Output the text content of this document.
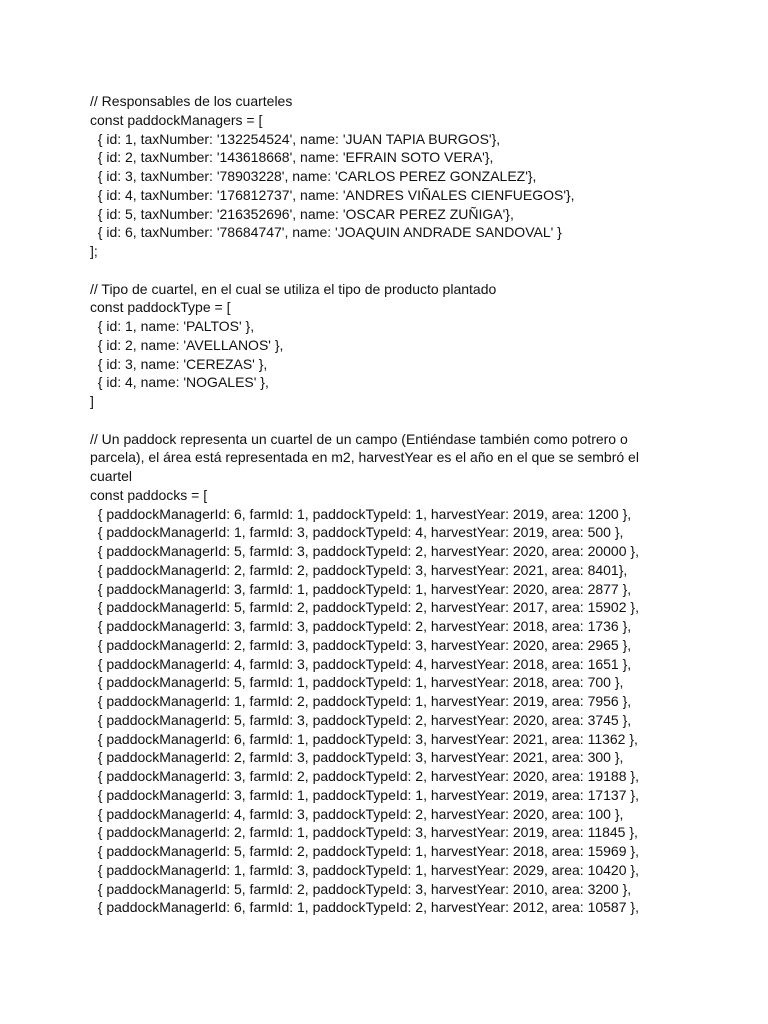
// Responsables de los cuarteles
const paddockManagers = [
{ id: 1, taxNumber: '132254524', name: 'JUAN TAPIA BURGOS'},
{ id: 2, taxNumber: '143618668', name: 'EFRAIN SOTO VERA'},
{ id: 3, taxNumber: '78903228', name: 'CARLOS PEREZ GONZALEZ'},
{ id: 4, taxNumber: '176812737', name: 'ANDRES VIÑALES CIENFUEGOS'},
{ id: 5, taxNumber: '216352696', name: 'OSCAR PEREZ ZUÑIGA'},
{ id: 6, taxNumber: '78684747', name: 'JOAQUIN ANDRADE SANDOVAL' }
];
// Tipo de cuartel, en el cual se utiliza el tipo de producto plantado
const paddockType = [
{ id: 1, name: 'PALTOS' },
{ id: 2, name: 'AVELLANOS' },
{ id: 3, name: 'CEREZAS' },
{ id: 4, name: 'NOGALES' },
]
// Un paddock representa un cuartel de un campo (Entiéndase también como potrero o parcela), el área está representada en m2, harvestYear es el año en el que se sembró el cuartel
const paddocks = [
{ paddockManagerId: 6, farmId: 1, paddockTypeId: 1, harvestYear: 2019, area: 1200 },
{ paddockManagerId: 1, farmId: 3, paddockTypeId: 4, harvestYear: 2019, area: 500 },
{ paddockManagerId: 5, farmId: 3, paddockTypeId: 2, harvestYear: 2020, area: 20000 },
{ paddockManagerId: 2, farmId: 2, paddockTypeId: 3, harvestYear: 2021, area: 8401},
{ paddockManagerId: 3, farmId: 1, paddockTypeId: 1, harvestYear: 2020, area: 2877 },
{ paddockManagerId: 5, farmId: 2, paddockTypeId: 2, harvestYear: 2017, area: 15902 },
{ paddockManagerId: 3, farmId: 3, paddockTypeId: 2, harvestYear: 2018, area: 1736 },
{ paddockManagerId: 2, farmId: 3, paddockTypeId: 3, harvestYear: 2020, area: 2965 },
{ paddockManagerId: 4, farmId: 3, paddockTypeId: 4, harvestYear: 2018, area: 1651 },
{ paddockManagerId: 5, farmId: 1, paddockTypeId: 1, harvestYear: 2018, area: 700 },
{ paddockManagerId: 1, farmId: 2, paddockTypeId: 1, harvestYear: 2019, area: 7956 },
{ paddockManagerId: 5, farmId: 3, paddockTypeId: 2, harvestYear: 2020, area: 3745 },
{ paddockManagerId: 6, farmId: 1, paddockTypeId: 3, harvestYear: 2021, area: 11362 },
{ paddockManagerId: 2, farmId: 3, paddockTypeId: 3, harvestYear: 2021, area: 300 },
{ paddockManagerId: 3, farmId: 2, paddockTypeId: 2, harvestYear: 2020, area: 19188 },
{ paddockManagerId: 3, farmId: 1, paddockTypeId: 1, harvestYear: 2019, area: 17137 },
{ paddockManagerId: 4, farmId: 3, paddockTypeId: 2, harvestYear: 2020, area: 100 },
{ paddockManagerId: 2, farmId: 1, paddockTypeId: 3, harvestYear: 2019, area: 11845 },
{ paddockManagerId: 5, farmId: 2, paddockTypeId: 1, harvestYear: 2018, area: 15969 },
{ paddockManagerId: 1, farmId: 3, paddockTypeId: 1, harvestYear: 2029, area: 10420 },
{ paddockManagerId: 5, farmId: 2, paddockTypeId: 3, harvestYear: 2010, area: 3200 },
{ paddockManagerId: 6, farmId: 1, paddockTypeId: 2, harvestYear: 2012, area: 10587 },
